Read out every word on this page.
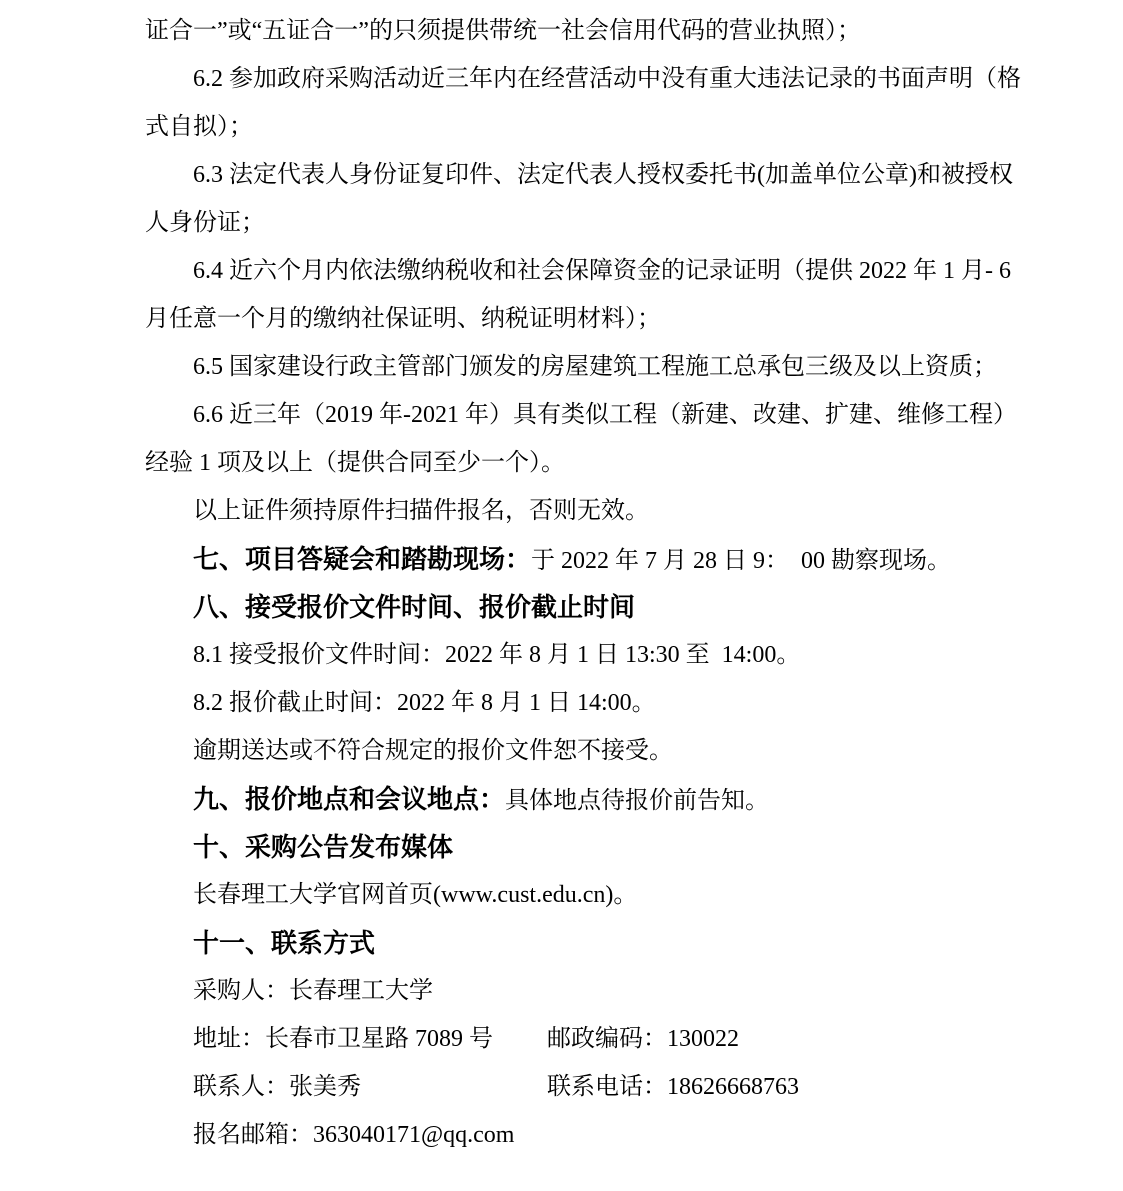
证合一”或“五证合一”的只须提供带统一社会信用代码的营业执照）；
6.2 参加政府采购活动近三年内在经营活动中没有重大违法记录的书面声明（格
式自拟）；
6.3 法定代表人身份证复印件、法定代表人授权委托书(加盖单位公章)和被授权
人身份证；
6.4 近六个月内依法缴纳税收和社会保障资金的记录证明（提供 2022 年 1 月- 6
月任意一个月的缴纳社保证明、纳税证明材料）；
6.5 国家建设行政主管部门颁发的房屋建筑工程施工总承包三级及以上资质；
6.6 近三年（2019 年-2021 年）具有类似工程（新建、改建、扩建、维修工程）
经验 1 项及以上（提供合同至少一个）。
以上证件须持原件扫描件报名，否则无效。
七、项目答疑会和踏勘现场：于 2022 年 7 月 28 日 9：  00 勘察现场。
八、接受报价文件时间、报价截止时间
8.1 接受报价文件时间：2022 年 8 月 1 日 13:30 至  14:00。
8.2 报价截止时间：2022 年 8 月 1 日 14:00。
逾期送达或不符合规定的报价文件恕不接受。
九、报价地点和会议地点：具体地点待报价前告知。
十、采购公告发布媒体
长春理工大学官网首页(www.cust.edu.cn)。
十一、联系方式
采购人：长春理工大学
地址：长春市卫星路 7089 号 邮政编码：130022
联系人：张美秀	联系电话：18626668763
报名邮箱：363040171@qq.com
